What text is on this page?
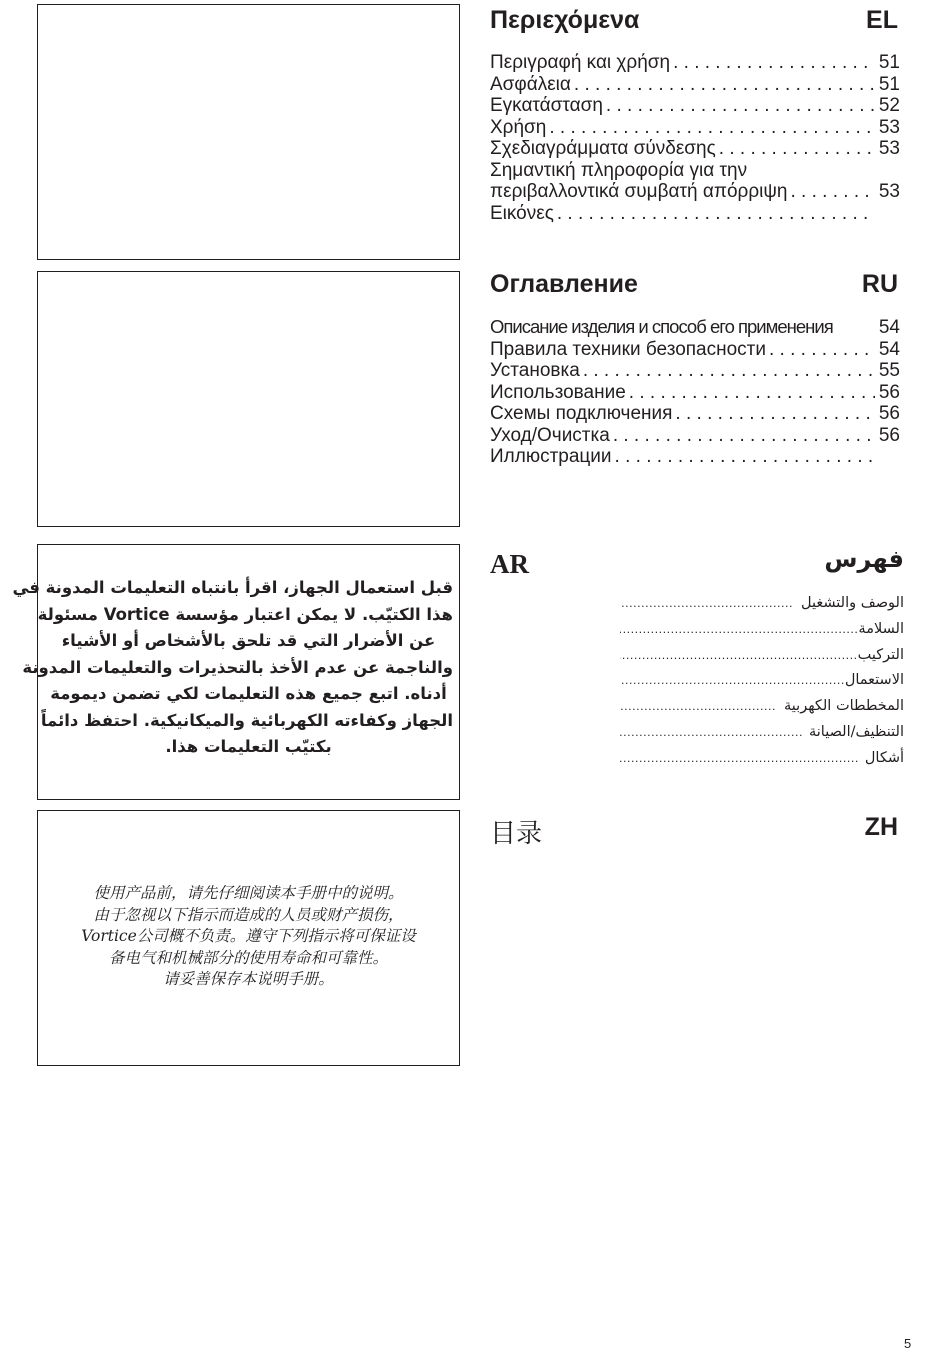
قبل استعمال الجهاز، اقرأ بانتباه التعليمات المدونة في

هذا الكتيّب. لا يمكن اعتبار مؤسسة Vortice مسئولة

عن الأضرار التي قد تلحق بالأشخاص أو الأشياء

والناجمة عن عدم الأخذ بالتحذيرات والتعليمات المدونة

أدناه. اتبع جميع هذه التعليمات لكي تضمن ديمومة

الجهاز وكفاءته الكهربائية والميكانيكية. احتفظ دائماً

بكتيّب التعليمات هذا.

使用产品前，请先仔细阅读本手册中的说明。

由于忽视以下指示而造成的人员或财产损伤，

Vortice公司概不负责。遵守下列指示将可保证设

备电气和机械部分的使用寿命和可靠性。

请妥善保存本说明手册。

Περιεχόμενα	EL
Περιγραφή και χρήση . . .	51
Ασφάλεια . . .	51
Εγκατάσταση . . .	52
Χρήση . . .	53
Σχεδιαγράμματα σύνδεσης . . .	53
Σημαντική πληροφορία για την
περιβαλλοντικά συμβατή απόρριψη . . .	53
Εικόνες
. . .
Оглавление	RU
Описание изделия и способ его применения 54
Правила техники безопасности . . .	54
Установка . . .	55
Использование . . .	56
Схемы подключения . . .	56
Уход/Очистка . . .	56
Иллюстрации
. . .
AR	فهرس
الوصف والتشغيل
.....
السلامة
.....
التركيب
.....
الاستعمال
.....
المخططات الكهربية
.....
التنظيف/الصيانة
.....
أشكال
.....
目录	ZH
5
